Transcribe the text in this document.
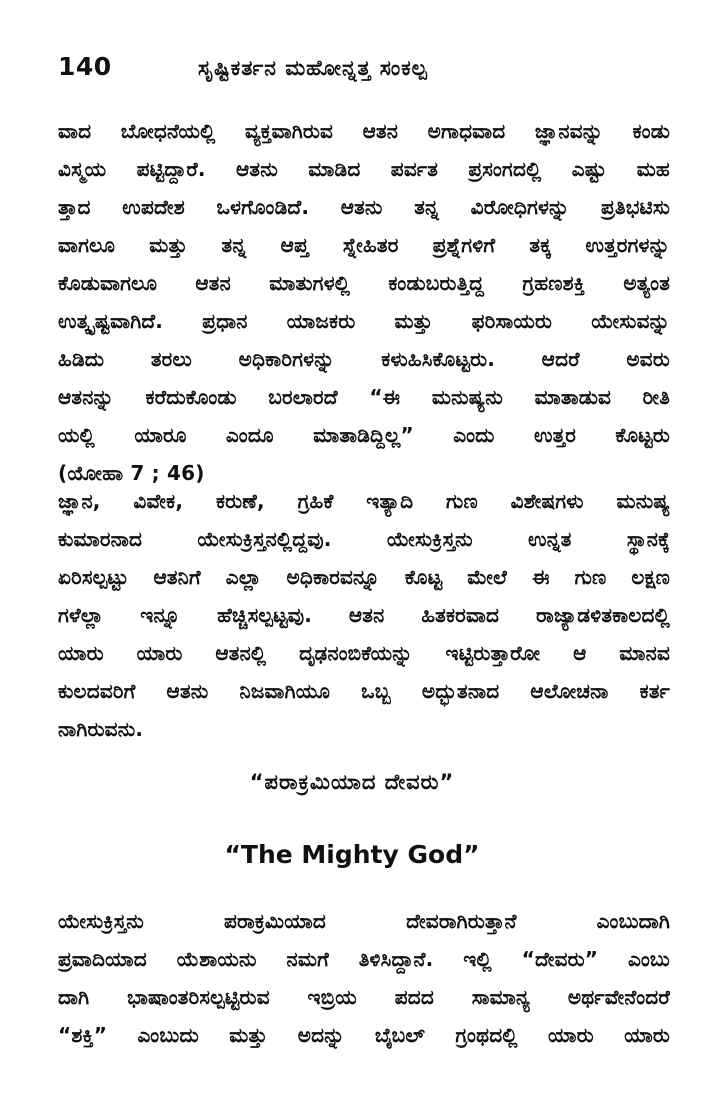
140	ಸೃಷ್ಟಿಕರ್ತನ ಮಹೋನ್ನತ್ತ ಸಂಕಲ್ಪ
ವಾದ ಬೋಧನೆಯಲ್ಲಿ ವ್ಯಕ್ತವಾಗಿರುವ ಆತನ ಅಗಾಧವಾದ ಜ್ಞಾನವನ್ನು ಕಂಡು
ವಿಸ್ಮಯ ಪಟ್ಟಿದ್ದಾರೆ. ಆತನು ಮಾಡಿದ ಪರ್ವತ ಪ್ರಸಂಗದಲ್ಲಿ ಎಷ್ಟು ಮಹ
ತ್ತಾದ ಉಪದೇಶ ಒಳಗೊಂಡಿದೆ. ಆತನು ತನ್ನ ವಿರೋಧಿಗಳನ್ನು ಪ್ರತಿಭಟಿಸು
ವಾಗಲೂ ಮತ್ತು ತನ್ನ ಆಪ್ತ ಸ್ನೇಹಿತರ ಪ್ರಶ್ನೆಗಳಿಗೆ ತಕ್ಕ ಉತ್ತರಗಳನ್ನು
ಕೊಡುವಾಗಲೂ ಆತನ ಮಾತುಗಳಲ್ಲಿ ಕಂಡುಬರುತ್ತಿದ್ದ ಗ್ರಹಣಶಕ್ತಿ ಅತ್ಯಂತ
ಉತ್ಕೃಷ್ಟವಾಗಿದೆ. ಪ್ರಧಾನ ಯಾಜಕರು ಮತ್ತು ಫರಿಸಾಯರು ಯೇಸುವನ್ನು
ಹಿಡಿದು ತರಲು ಅಧಿಕಾರಿಗಳನ್ನು ಕಳುಹಿಸಿಕೊಟ್ಟರು. ಆದರೆ ಅವರು
ಆತನನ್ನು ಕರೆದುಕೊಂಡು ಬರಲಾರದೆ “ಈ ಮನುಷ್ಯನು ಮಾತಾಡುವ ರೀತಿ
ಯಲ್ಲಿ ಯಾರೂ ಎಂದೂ ಮಾತಾಡಿದ್ದಿಲ್ಲ” ಎಂದು ಉತ್ತರ ಕೊಟ್ಟರು
(ಯೋಹಾ 7 ; 46)
ಜ್ಞಾನ, ವಿವೇಕ, ಕರುಣೆ, ಗ್ರಹಿಕೆ ಇತ್ಯಾದಿ ಗುಣ ವಿಶೇಷಗಳು ಮನುಷ್ಯ
ಕುಮಾರನಾದ ಯೇಸುಕ್ರಿಸ್ತನಲ್ಲಿದ್ದವು. ಯೇಸುಕ್ರಿಸ್ತನು ಉನ್ನತ ಸ್ಥಾನಕ್ಕೆ
ಏರಿಸಲ್ಪಟ್ಟು ಆತನಿಗೆ ಎಲ್ಲಾ ಅಧಿಕಾರವನ್ನೂ ಕೊಟ್ಟ ಮೇಲೆ ಈ ಗುಣ ಲಕ್ಷಣ
ಗಳೆಲ್ಲಾ ಇನ್ನೂ ಹೆಚ್ಚಿಸಲ್ಪಟ್ಟವು. ಆತನ ಹಿತಕರವಾದ ರಾಜ್ಯಾಡಳಿತಕಾಲದಲ್ಲಿ
ಯಾರು ಯಾರು ಆತನಲ್ಲಿ ದೃಢನಂಬಿಕೆಯನ್ನು ಇಟ್ಟಿರುತ್ತಾರೋ ಆ ಮಾನವ
ಕುಲದವರಿಗೆ ಆತನು ನಿಜವಾಗಿಯೂ ಒಬ್ಬ ಅದ್ಭುತನಾದ ಆಲೋಚನಾ ಕರ್ತ
ನಾಗಿರುವನು.
“ಪರಾಕ್ರಮಿಯಾದ ದೇವರು”
“The Mighty God”
ಯೇಸುಕ್ರಿಸ್ತನು ಪರಾಕ್ರಮಿಯಾದ ದೇವರಾಗಿರುತ್ತಾನೆ ಎಂಬುದಾಗಿ
ಪ್ರವಾದಿಯಾದ ಯೆಶಾಯನು ನಮಗೆ ತಿಳಿಸಿದ್ದಾನೆ. ಇಲ್ಲಿ “ದೇವರು” ಎಂಬು
ದಾಗಿ ಭಾಷಾಂತರಿಸಲ್ಪಟ್ಟಿರುವ ಇಬ್ರಿಯ ಪದದ ಸಾಮಾನ್ಯ ಅರ್ಥವೇನೆಂದರೆ
“ಶಕ್ತಿ” ಎಂಬುದು ಮತ್ತು ಅದನ್ನು ಬೈಬಲ್ ಗ್ರಂಥದಲ್ಲಿ ಯಾರು ಯಾರು
